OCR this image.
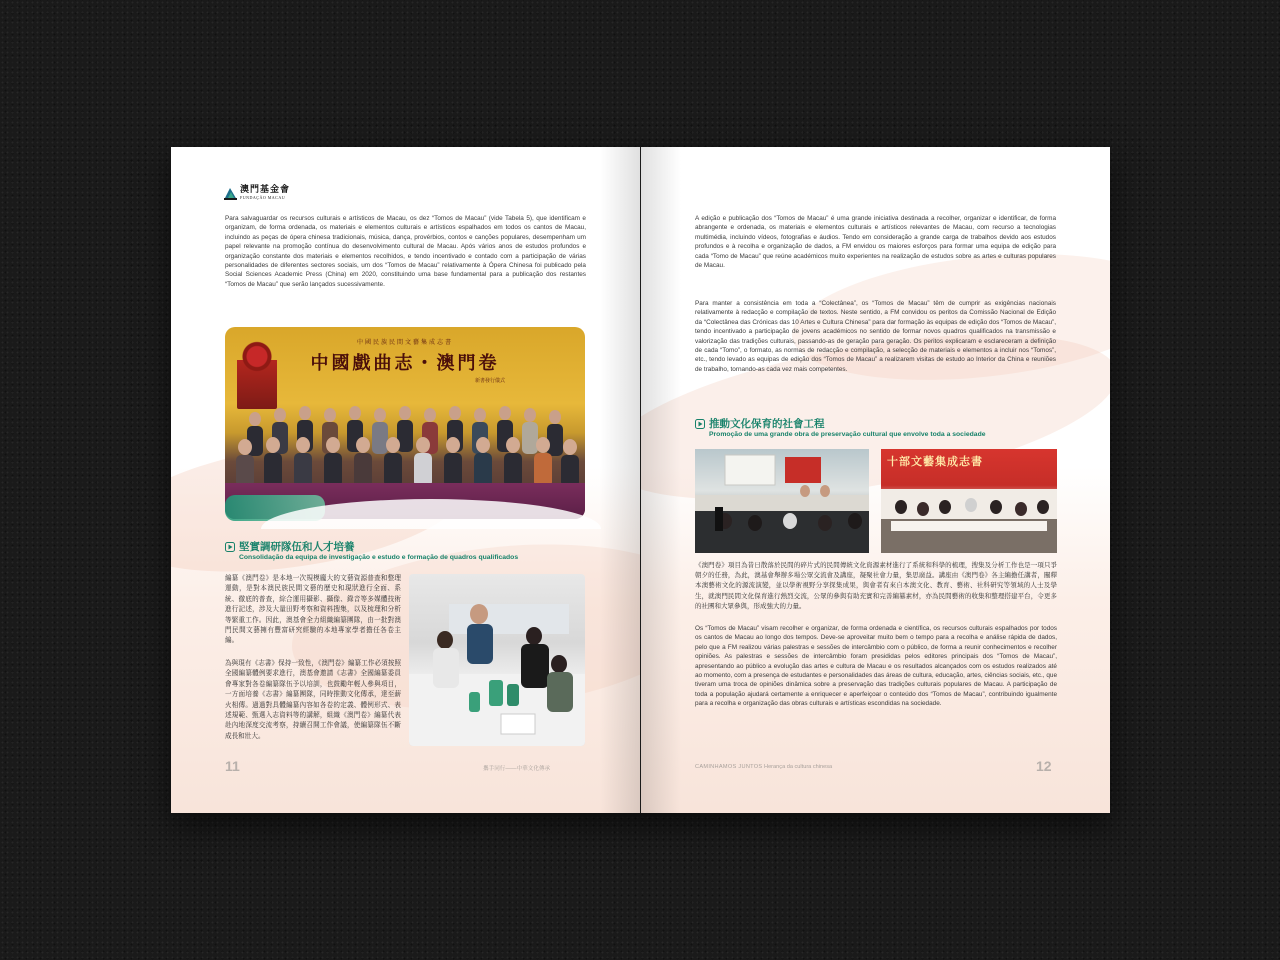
澳門基金會
FUNDAÇÃO MACAU

Para salvaguardar os recursos culturais e artísticos de Macau, os dez “Tomos de Macau” (vide Tabela 5), que identificam e organizam, de forma ordenada, os materiais e elementos culturais e artísticos espalhados em todos os cantos de Macau, incluindo as peças de ópera chinesa tradicionais, música, dança, provérbios, contos e canções populares, desempenham um papel relevante na promoção contínua do desenvolvimento cultural de Macau. Após vários anos de estudos profundos e organização constante dos materiais e elementos recolhidos, e tendo incentivado e contado com a participação de várias personalidades de diferentes sectores sociais, um dos “Tomos de Macau” relativamente à Ópera Chinesa foi publicado pela Social Sciences Academic Press (China) em 2020, constituindo uma base fundamental para a publicação dos restantes “Tomos de Macau” que serão lançados sucessivamente.

中國民族民間文藝集成志書
中國戲曲志・澳門卷
新書發行儀式
堅實調研隊伍和人才培養
Consolidação da equipa de investigação e estudo e formação de quadros qualificados

編纂《澳門卷》是本地一次規模龐大的文藝資源普查和整理運動，是對本澳民族民間文藝的歷史和現狀進行全面、系統、徹底的普查，綜合運用攝影、攝像、錄音等多媒體技術進行記述，涉及大量田野考察和資料搜集，以及梳理和分析等繁重工作。因此，澳基會全力組織編纂團隊，由一批對澳門民間文藝擁有豐富研究經驗的本地專家學者擔任各卷主編。

為與現有《志書》保持一致性，《澳門卷》編纂工作必須按照全國編纂體例要求進行，澳基會邀請《志書》全國編纂委員會專家對各卷編纂隊伍予以培訓，也鼓勵年輕人參與項目，一方面培養《志書》編纂團隊，同時推動文化傳承，達至薪火相傳。過過對具體編纂內容如各卷的定義、體例形式、表述規範、甄選入志資料等的講解，組織《澳門卷》編纂代表赴內地深度交流考察，持續召開工作會議，使編纂隊伍不斷成長和壯大。

11	攜手同行——中華文化傳承

A edição e publicação dos “Tomos de Macau” é uma grande iniciativa destinada a recolher, organizar e identificar, de forma abrangente e ordenada, os materiais e elementos culturais e artísticos relevantes de Macau, com recurso a tecnologias multimédia, incluindo vídeos, fotografias e áudios. Tendo em consideração a grande carga de trabalhos devido aos estudos profundos e à recolha e organização de dados, a FM envidou os maiores esforços para formar uma equipa de edição para cada “Tomo de Macau” que reúne académicos muito experientes na realização de estudos sobre as artes e culturas populares de Macau.

Para manter a consistência em toda a “Colectânea”, os “Tomos de Macau” têm de cumprir as exigências nacionais relativamente à redacção e compilação de textos. Neste sentido, a FM convidou os peritos da Comissão Nacional de Edição da “Colectânea das Crónicas das 10 Artes e Cultura Chinesa” para dar formação às equipas de edição dos “Tomos de Macau”, tendo incentivado a participação de jovens académicos no sentido de formar novos quadros qualificados na transmissão e valorização das tradições culturais, passando-as de geração para geração. Os peritos explicaram e esclareceram a definição de cada “Tomo”, o formato, as normas de redacção e compilação, a selecção de materiais e elementos a incluir nos “Tomos”, etc., tendo levado as equipas de edição dos “Tomos de Macau” a realizarem visitas de estudo ao Interior da China e reuniões de trabalho, tornando-as cada vez mais competentes.

推動文化保育的社會工程
Promoção de uma grande obra de preservação cultural que envolve toda a sociedade
十部文藝集成志書

《澳門卷》項目為昔日散落於民間的碎片式的民間傳統文化資源素材進行了系統和科學的梳理，搜集及分析工作也是一項只爭朝夕的任務，為此，澳基會舉辦多場公眾交流會及講座，凝聚社會力量，集思廣益。講座由《澳門卷》各主編擔任講者，闡釋本澳藝術文化的源流演變，並以學術視野分享探集成果，與會者有來自本澳文化、教育、藝術、社科研究等領域的人士及學生，就澳門民間文化保育進行熱烈交流，公眾的參與有助充實和完善編纂素材，亦為民間藝術的收集和整理搭建平台，令更多的社團和大眾參與，形成強大的力量。

Os “Tomos de Macau” visam recolher e organizar, de forma ordenada e científica, os recursos culturais espalhados por todos os cantos de Macau ao longo dos tempos. Deve-se aproveitar muito bem o tempo para a recolha e análise rápida de dados, pelo que a FM realizou várias palestras e sessões de intercâmbio com o público, de forma a reunir conhecimentos e recolher opiniões. As palestras e sessões de intercâmbio foram presididas pelos editores principais dos “Tomos de Macau”, apresentando ao público a evolução das artes e cultura de Macau e os resultados alcançados com os estudos realizados até ao momento, com a presença de estudantes e personalidades das áreas de cultura, educação, artes, ciências sociais, etc., que tiveram uma troca de opiniões dinâmica sobre a preservação das tradições culturais populares de Macau. A participação de toda a população ajudará certamente a enriquecer e aperfeiçoar o conteúdo dos “Tomos de Macau”, contribuindo igualmente para a recolha e organização das obras culturais e artísticas escondidas na sociedade.

CAMINHAMOS JUNTOS Herança da cultura chinesa	12
